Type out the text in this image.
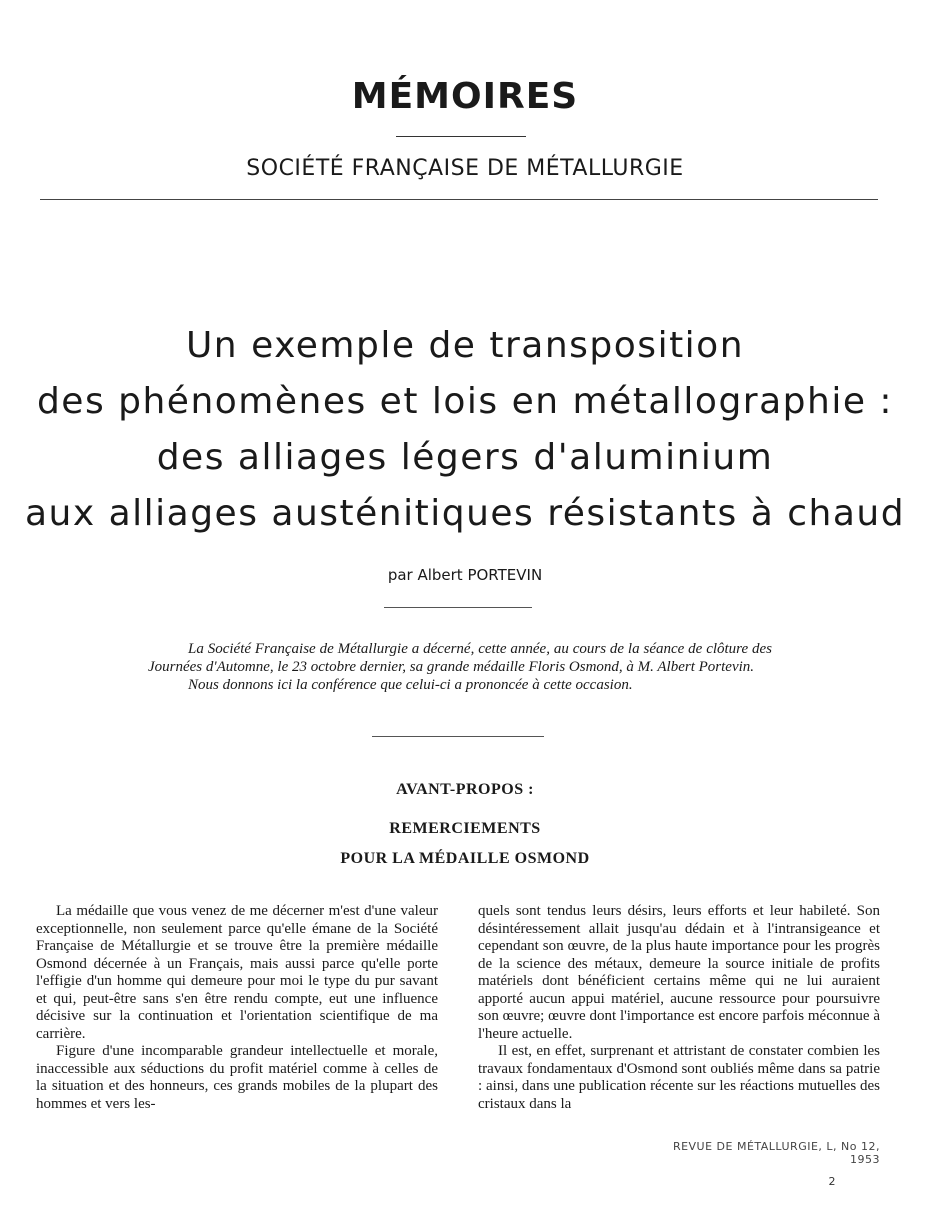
MÉMOIRES
SOCIÉTÉ FRANÇAISE DE MÉTALLURGIE
Un exemple de transposition
des phénomènes et lois en métallographie :
des alliages légers d'aluminium
aux alliages austénitiques résistants à chaud
par Albert PORTEVIN

La Société Française de Métallurgie a décerné, cette année, au cours de la séance de clôture des Journées d'Automne, le 23 octobre dernier, sa grande médaille Floris Osmond, à M. Albert Portevin.

Nous donnons ici la conférence que celui-ci a prononcée à cette occasion.

AVANT-PROPOS :
REMERCIEMENTS
POUR LA MÉDAILLE OSMOND

La médaille que vous venez de me décerner m'est d'une valeur exceptionnelle, non seulement parce qu'elle émane de la Société Française de Métallurgie et se trouve être la première médaille Osmond décernée à un Français, mais aussi parce qu'elle porte l'effigie d'un homme qui demeure pour moi le type du pur savant et qui, peut-être sans s'en être rendu compte, eut une influence décisive sur la continuation et l'orientation scientifique de ma carrière.

Figure d'une incomparable grandeur intellectuelle et morale, inaccessible aux séductions du profit matériel comme à celles de la situation et des honneurs, ces grands mobiles de la plupart des hommes et vers les-

quels sont tendus leurs désirs, leurs efforts et leur habileté. Son désintéressement allait jusqu'au dédain et à l'intransigeance et cependant son œuvre, de la plus haute importance pour les progrès de la science des métaux, demeure la source initiale de profits matériels dont bénéficient certains même qui ne lui auraient apporté aucun appui matériel, aucune ressource pour poursuivre son œuvre; œuvre dont l'importance est encore parfois méconnue à l'heure actuelle.

Il est, en effet, surprenant et attristant de constater combien les travaux fondamentaux d'Osmond sont oubliés même dans sa patrie : ainsi, dans une publication récente sur les réactions mutuelles des cristaux dans la

REVUE DE MÉTALLURGIE, L, No 12, 1953
2
